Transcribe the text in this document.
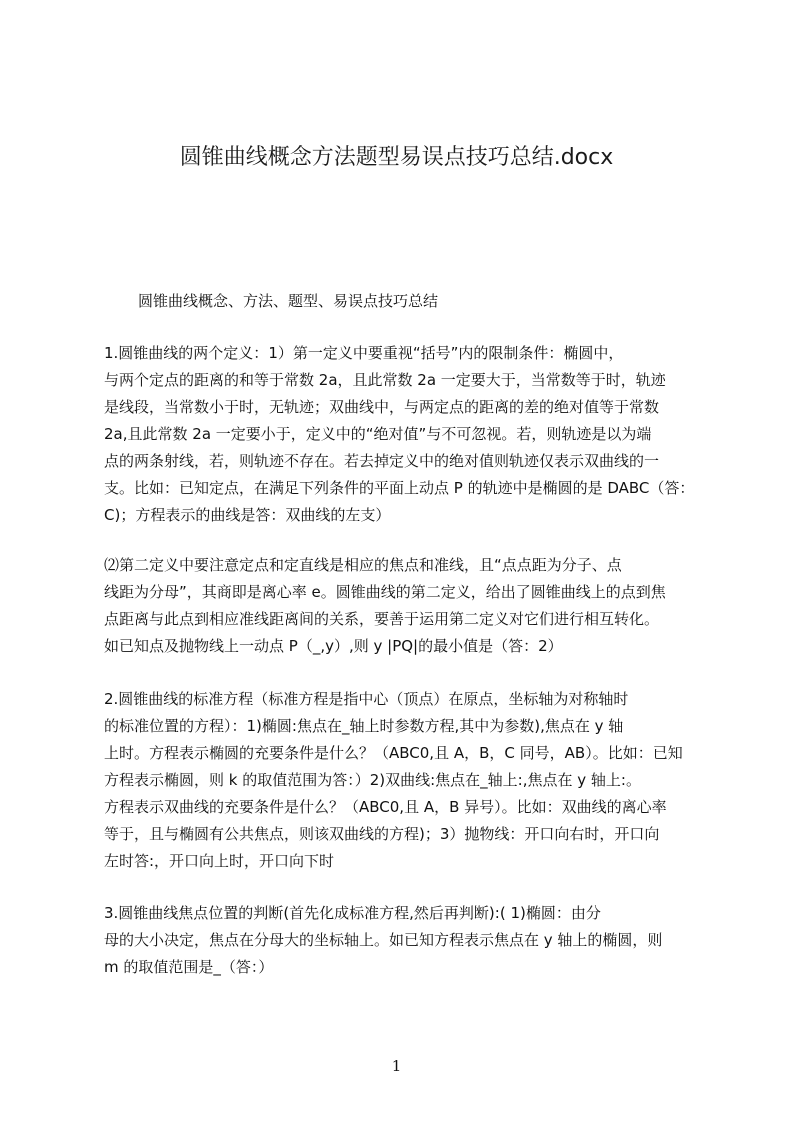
圆锥曲线概念方法题型易误点技巧总结.docx
圆锥曲线概念、方法、题型、易误点技巧总结
1.圆锥曲线的两个定义：1）第一定义中要重视“括号”内的限制条件：椭圆中，
与两个定点的距离的和等于常数 2a，且此常数 2a 一定要大于，当常数等于时，轨迹
是线段，当常数小于时，无轨迹；双曲线中，与两定点的距离的差的绝对值等于常数
2a,且此常数 2a 一定要小于，定义中的“绝对值”与不可忽视。若，则轨迹是以为端
点的两条射线，若，则轨迹不存在。若去掉定义中的绝对值则轨迹仅表示双曲线的一
支。比如：已知定点，在满足下列条件的平面上动点 P 的轨迹中是椭圆的是 DABC（答：
C)；方程表示的曲线是答：双曲线的左支）
⑵第二定义中要注意定点和定直线是相应的焦点和准线，且“点点距为分子、点
线距为分母”，其商即是离心率 e。圆锥曲线的第二定义，给出了圆锥曲线上的点到焦
点距离与此点到相应准线距离间的关系，要善于运用第二定义对它们进行相互转化。
如已知点及抛物线上一动点 P（_,y）,则 y |PQ|的最小值是（答：2）
2.圆锥曲线的标准方程（标准方程是指中心（顶点）在原点，坐标轴为对称轴时
的标准位置的方程）：1)椭圆:焦点在_轴上时参数方程,其中为参数),焦点在 y 轴
上时。方程表示椭圆的充要条件是什么？（ABC0,且 A，B，C 同号，AB）。比如：已知
方程表示椭圆，则 k 的取值范围为答：）2)双曲线:焦点在_轴上:,焦点在 y 轴上:。
方程表示双曲线的充要条件是什么？（ABC0,且 A，B 异号）。比如：双曲线的离心率
等于，且与椭圆有公共焦点，则该双曲线的方程)；3）抛物线：开口向右时，开口向
左时答:，开口向上时，开口向下时
3.圆锥曲线焦点位置的判断(首先化成标准方程,然后再判断):( 1)椭圆：由分
母的大小决定，焦点在分母大的坐标轴上。如已知方程表示焦点在 y 轴上的椭圆，则
m 的取值范围是_（答：）
1
